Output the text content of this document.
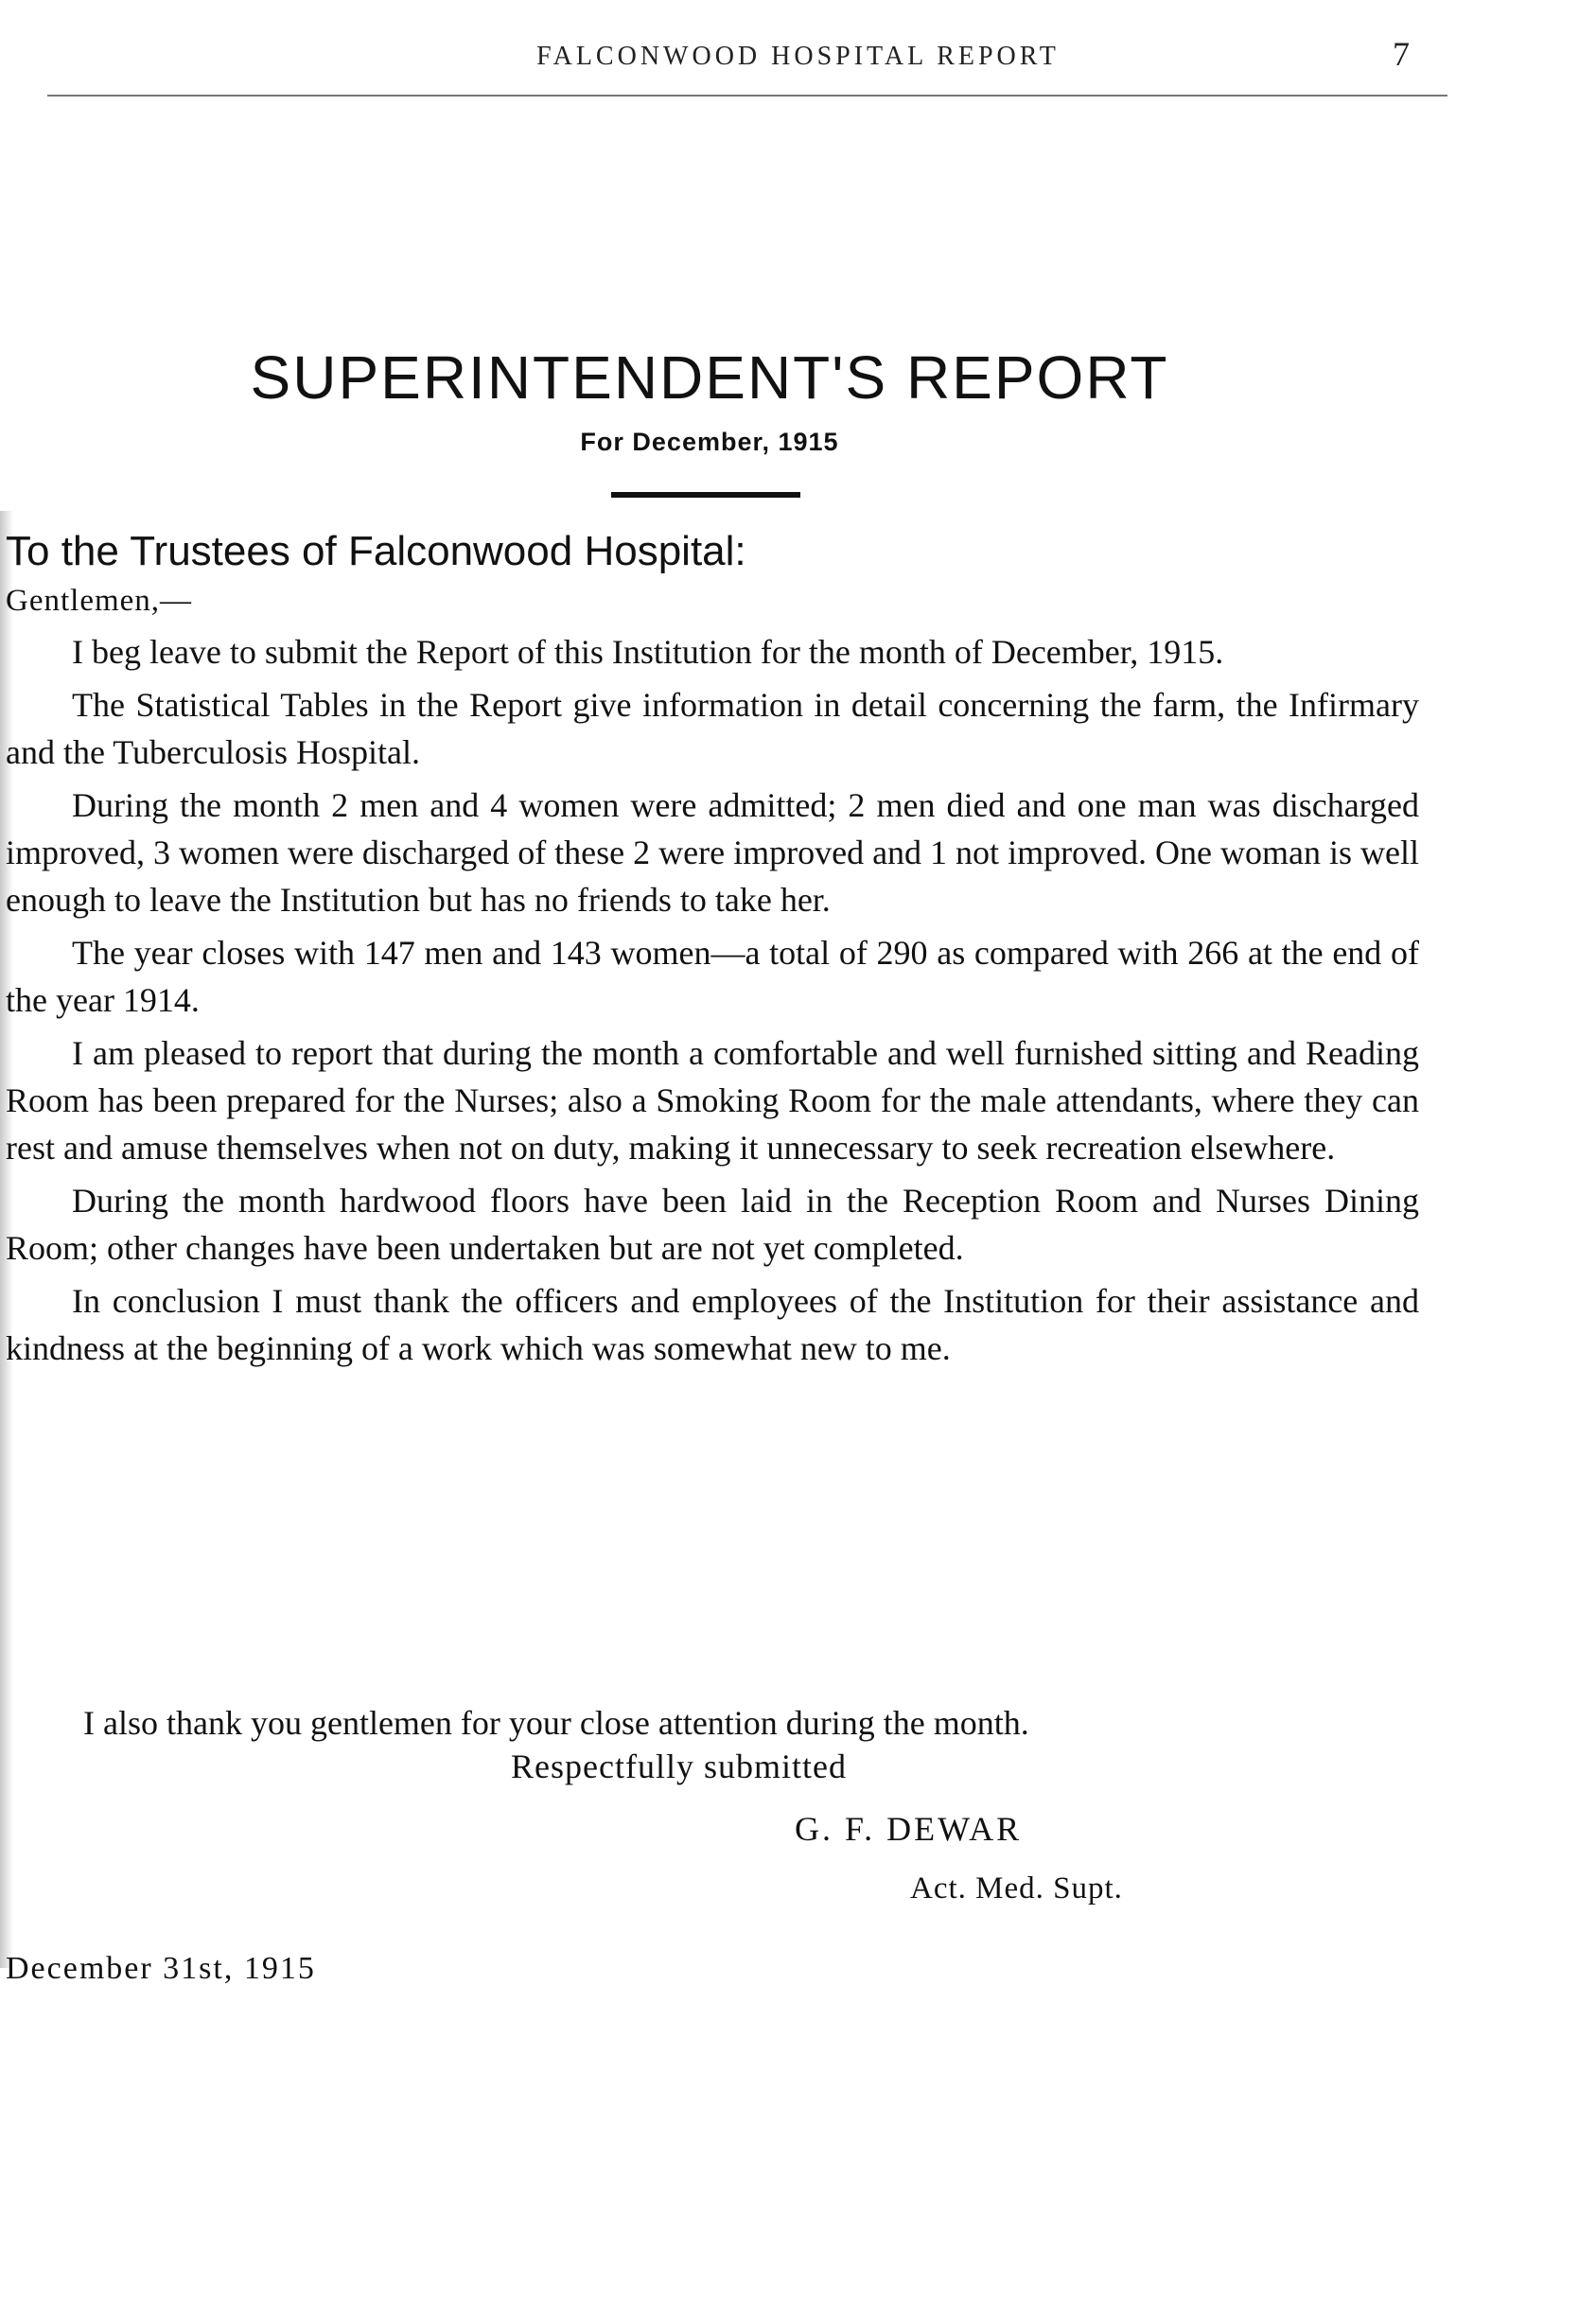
FALCONWOOD HOSPITAL REPORT	7
SUPERINTENDENT'S REPORT
For December, 1915
To the Trustees of Falconwood Hospital:
Gentlemen,—

I beg leave to submit the Report of this Institution for the month of December, 1915.

The Statistical Tables in the Report give information in detail concerning the farm, the Infirmary and the Tuberculosis Hospital.

During the month 2 men and 4 women were admitted; 2 men died and one man was discharged improved, 3 women were discharged of these 2 were improved and 1 not improved. One woman is well enough to leave the Institution but has no friends to take her.

The year closes with 147 men and 143 women—a total of 290 as compared with 266 at the end of the year 1914.

I am pleased to report that during the month a comfortable and well furnished sitting and Reading Room has been prepared for the Nurses; also a Smoking Room for the male attendants, where they can rest and amuse themselves when not on duty, making it unnecessary to seek recreation elsewhere.

During the month hardwood floors have been laid in the Reception Room and Nurses Dining Room; other changes have been undertaken but are not yet completed.

In conclusion I must thank the officers and employees of the Institution for their assistance and kindness at the beginning of a work which was somewhat new to me.

I also thank you gentlemen for your close attention during the month.
Respectfully submitted
G. F. DEWAR
Act. Med. Supt.
December 31st, 1915
